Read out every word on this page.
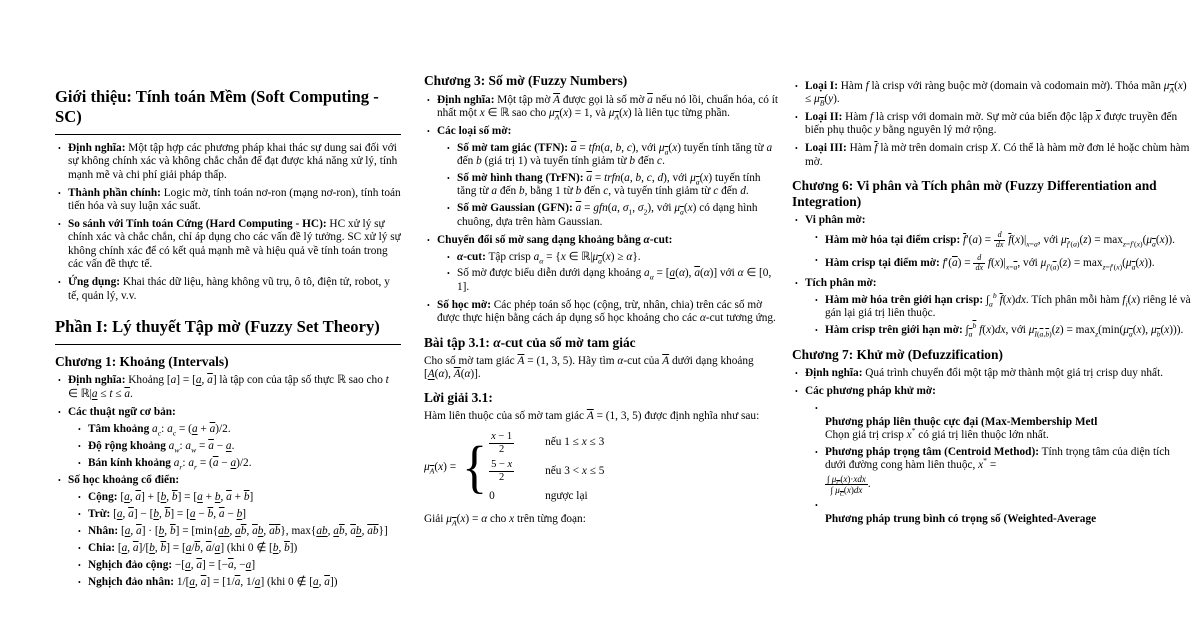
Giới thiệu: Tính toán Mềm (Soft Computing - SC)
• Định nghĩa: Một tập hợp các phương pháp khai thác sự dung sai đối với sự không chính xác và không chắc chắn để đạt được khả năng xử lý, tính mạnh mẽ và chi phí giải pháp thấp.
• Thành phần chính: Logic mờ, tính toán nơ-ron (mạng nơ-ron), tính toán tiến hóa và suy luận xác suất.
• So sánh với Tính toán Cứng (Hard Computing - HC): HC xử lý sự chính xác và chắc chắn, chỉ áp dụng cho các vấn đề lý tưởng. SC xử lý sự không chính xác để có kết quả mạnh mẽ và hiệu quả về tính toán trong các vấn đề thực tế.
• Ứng dụng: Khai thác dữ liệu, hàng không vũ trụ, ô tô, điện tử, robot, y tế, quản lý, v.v.
Phần I: Lý thuyết Tập mờ (Fuzzy Set Theory)
Chương 1: Khoảng (Intervals)
• Định nghĩa: Khoảng [a] = [a, $\overline{a}$] là tập con của tập số thực ℝ sao cho t ∈ ℝ|a ≤ $t \le \overline{a}$.
• Các thuật ngữ cơ bản:
• Tâm khoảng $a_c$: $a_c = (a + \overline{a})/2$.
• Độ rộng khoảng $a_w$: $a_w = \overline{a} - a$.
• Bán kính khoảng $a_r$: $a_r = (\overline{a} - a)/2$.
• Số học khoảng cổ điển:
• Cộng: [a, $\overline{a}] + [b$, $\overline{b}] = [a + b$, $\overline{a} + \overline{b}$]
• Trừ: [a, $\overline{a}] - [b$, $\overline{b}] = [a - \overline{b}$, $\overline{a} - b$]
• Nhân: [a, $\overline{a}] \cdot [b$, $\overline{b}] = [\min\{ab$, $a\overline{b}$, $\overline{a}b$, $\overline{a}\overline{b}$}, max{ab, $a\overline{b}$, $\overline{a}b$, $\overline{a}\overline{b}$}]
• Chia: [a, $\overline{a}]/[b$, $\overline{b}] = [a/\overline{b}$, $\overline{a}/a$] (khi 0 ∉ [b, $\overline{b}$])
• Nghịch đảo cộng: −[a, $\overline{a}] = [-\overline{a}$, −a]
• Nghịch đảo nhân: 1/[a, $\overline{a}] = [1/\overline{a}$, 1/a] (khi 0 ∉ [a, $\overline{a}$])
Chương 3: Số mờ (Fuzzy Numbers)
• Định nghĩa: Một tập mờ $\overline{A}$ được gọi là số mờ $\overline{a}$ nếu nó lồi, chuẩn hóa, có ít nhất một x ∈ ℝ sao cho $\mu_{\overline{A}}(x) = 1$, và $\mu_{\overline{A}}(x)$ là liên tục từng phần.
• Các loại số mờ:
• Số mờ tam giác (TFN): $\overline{a} = tfn(a$, b, c), với $\mu_{\overline{a}}(x)$ tuyến tính tăng từ a đến b (giá trị 1) và tuyến tính giảm từ b đến c.
• Số mờ hình thang (TrFN): $\overline{a}$ = trfn(a, b, c, d), với $\mu_{\overline{a}}(x)$ tuyến tính tăng từ a đến b, bằng 1 từ b đến c, và tuyến tính giảm từ c đến d.
• Số mờ Gaussian (GFN): $\overline{a} = gfn(a$, $\sigma_1$, $\sigma_2$), với $\mu_{\overline{a}}(x)$ có dạng hình chuông, dựa trên hàm Gaussian.
• Chuyển đổi số mờ sang dạng khoảng bằng α-cut:
• α-cut: Tập crisp $a_\alpha = \{x$ ∈ $ℝ|\mu_{\overline{a}}(x) \ge \alpha$}.
• Số mờ được biểu diễn dưới dạng khoảng $a_\alpha = [a(\alpha)$, $\overline{a}(\alpha)$] với α ∈ [0, 1].
• Số học mờ: Các phép toán số học (cộng, trừ, nhân, chia) trên các số mờ được thực hiện bằng cách áp dụng số học khoảng cho các α-cut tương ứng.
Bài tập 3.1: α-cut của số mờ tam giác
Cho số mờ tam giác $\overline{A} = (1$, 3, 5). Hãy tìm α-cut của $\overline{A}$ dưới dạng khoảng [A(α), $\overline{A}(\alpha)$].
Lời giải 3.1:
Hàm liên thuộc của số mờ tam giác $\overline{A} = (1$, 3, 5) được định nghĩa như sau:
$\mu_{\overline{A}}(x)$ = { $\frac{x - 1}{2}$	nếu 1 ≤ x ≤ 3
$\frac{5 - x}{2}$	nếu 3 < x ≤ 5
0	ngược lại
Giải $\mu_{\overline{A}}(x) = \alpha$ cho x trên từng đoạn:
• Loại I: Hàm f là crisp với ràng buộc mờ (domain và codomain mờ). Thỏa mãn $\mu_{\overline{A}}(x) \le \mu_{\overline{B}}(y)$.
• Loại II: Hàm f là crisp với domain mờ. Sự mờ của biến độc lập $\overline{x}$ được truyền đến biến phụ thuộc y bằng nguyên lý mở rộng.
• Loại III: Hàm $\overline{f}$ là mờ trên domain crisp X. Có thể là hàm mờ đơn lẻ hoặc chùm hàm mờ.
Chương 6: Vi phân và Tích phân mờ (Fuzzy Differentiation and Integration)
• Vi phân mờ:
• Hàm mờ hóa tại điểm crisp: $\overline{f}'(a) = \frac{d}{dx} \overline{f}(x)|_{x=a}$, với $\mu_{\overline{f}'(a)}(z) = \max_{z=f'(x)}(\mu_{\overline{a}}(x))$.
• Hàm crisp tại điểm mờ: $f'(\overline{a}) = \frac{d}{dx} f(x)|_{x=\overline{a}}$, với $\mu_{f'(\overline{a})}(z) = \max_{z=f'(x)}(\mu_{\overline{a}}(x))$.
• Tích phân mờ:
• Hàm mờ hóa trên giới hạn crisp: $\int_a^b$ $\overline{f}(x)dx$. Tích phân mỗi hàm $f_i(x)$ riêng lẻ và gán lại giá trị liên thuộc.
• Hàm crisp trên giới hạn mờ: $\int_{\overline{a}}^{\overline{b}}$ f(x)dx, với $\mu_{\overline{I}(\overline{a},\overline{b})}(z) = \max_z(\min(\mu_{\overline{a}}(x)$, $\mu_{\overline{b}}(x)$)).
Chương 7: Khử mờ (Defuzzification)
• Định nghĩa: Quá trình chuyển đổi một tập mờ thành một giá trị crisp duy nhất.
• Các phương pháp khử mờ:

• Phương pháp liên thuộc cực đại (Max-Membership Metl
Chọn giá trị crisp x* có giá trị liên thuộc lớn nhất.
• Phương pháp trọng tâm (Centroid Method): Tính trọng tâm của diện tích dưới đường cong hàm liên thuộc, x* =

∫ $\mu_{\overline{C}}(x)\cdot xdx$
∫ $\mu_{\overline{C}}(x)dx$ .

• Phương pháp trung bình có trọng số (Weighted-Average
